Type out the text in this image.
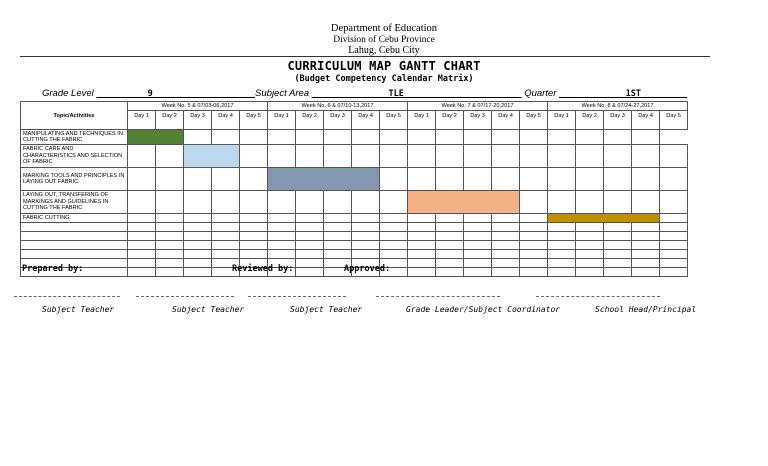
Department of Education
Division of Cebu Province
Lahug, Cebu City
CURRICULUM MAP GANTT CHART
(Budget Competency Calendar Matrix)
Grade Level __________9____________________Subject Area _______________TLE_______________________ Quarter _____________1ST_________
Topic/Activities	Week No. 5 & 07/03-06,2017					Week No. 6 & 07/10-13,2017					Week No. 7 & 07/17-20,2017					Week No. 8 & 07/24-27,2017				
	Day 1	Day 2	Day 3	Day 4	Day 5	Day 1	Day 2	Day 3	Day 4	Day 5	Day 1	Day 2	Day 3	Day 4	Day 5	Day 1	Day 2	Day 3	Day 4	Day 5
MANIPULATING AND TECHNIQUES IN CUTTING THE FABRIC																				
FABRIC CARE AND CHARACTERISTICS AND SELECTION OF FABRIC																				
MARKING TOOLS AND PRINCIPLES IN LAYING OUT FABRIC																				
LAYING OUT, TRANSFERING OF MARKINGS AND GUIDELINES IN CUTTING THE FABRIC																				
FABRIC CUTTING																				

Prepared by:	Reviewed by:	Approved:
Subject Teacher	Subject Teacher	Subject Teacher	Grade Leader/Subject Coordinator	School Head/Principal
